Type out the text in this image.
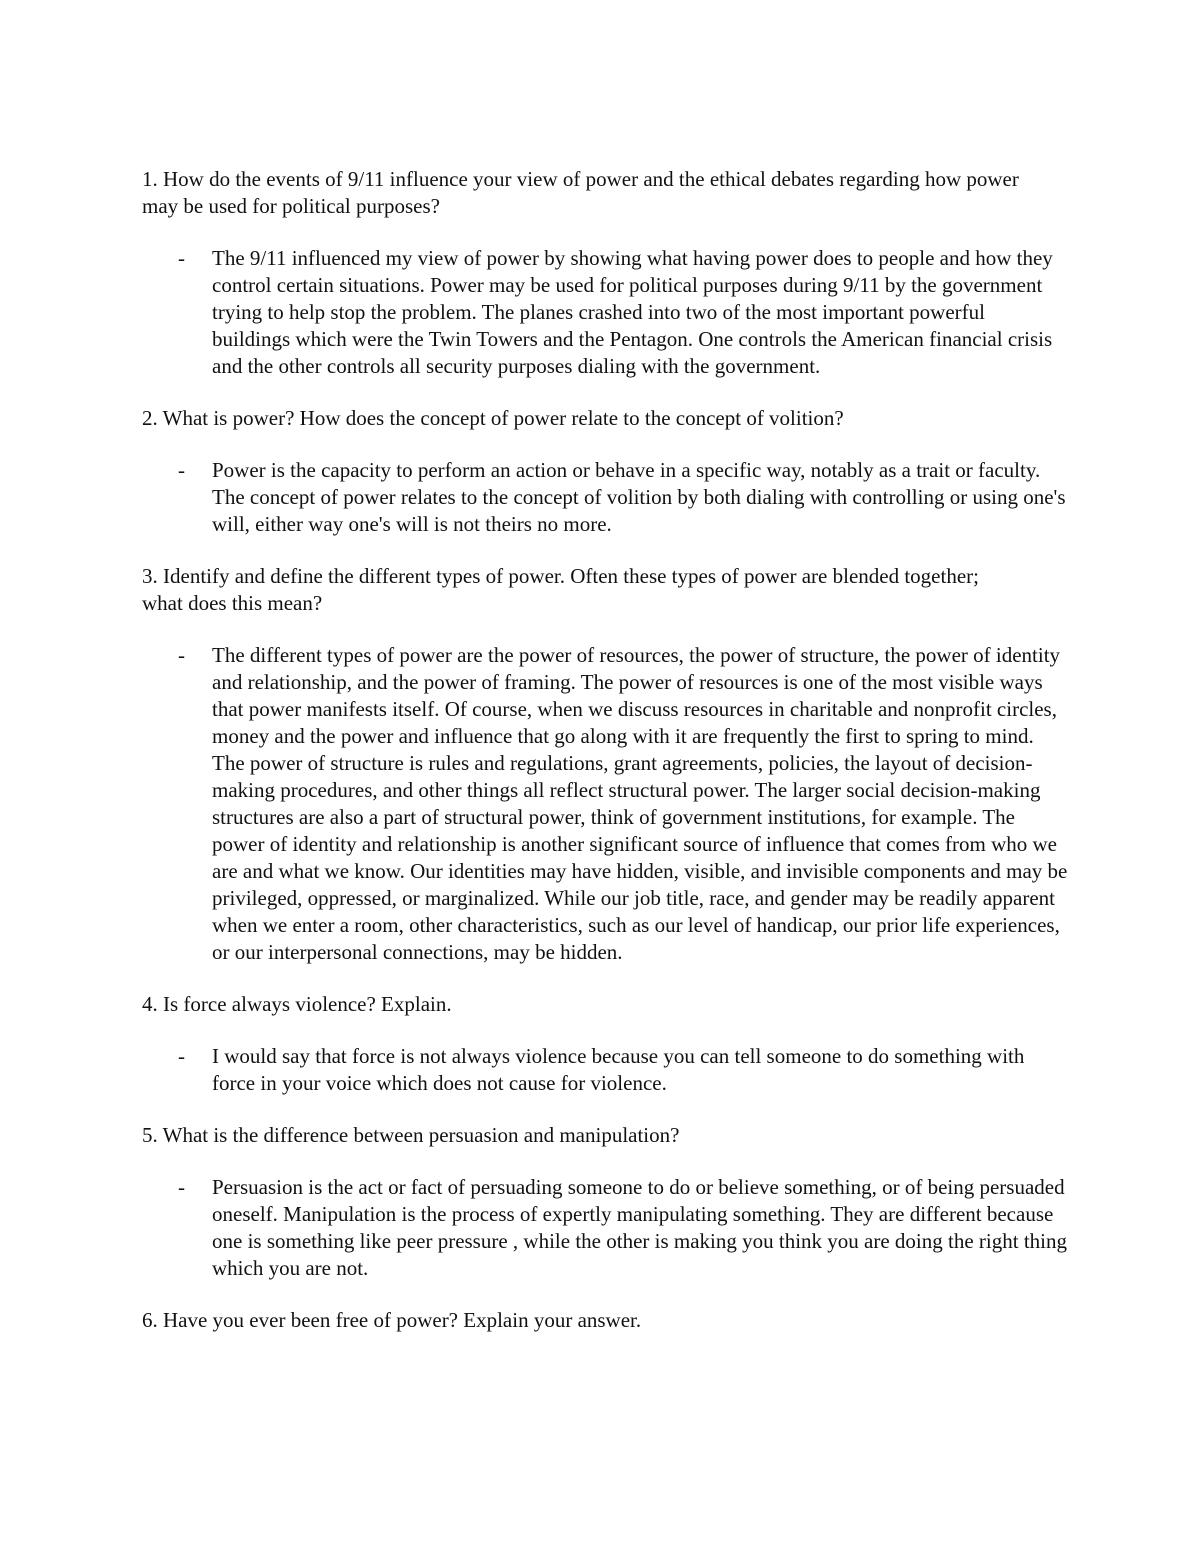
1. How do the events of 9/11 influence your view of power and the ethical debates regarding how power may be used for political purposes?

- The 9/11 influenced my view of power by showing what having power does to people and how they control certain situations. Power may be used for political purposes during 9/11 by the government trying to help stop the problem. The planes crashed into two of the most important powerful buildings which were the Twin Towers and the Pentagon. One controls the American financial crisis and the other controls all security purposes dialing with the government.

2. What is power? How does the concept of power relate to the concept of volition?

- Power is the capacity to perform an action or behave in a specific way, notably as a trait or faculty. The concept of power relates to the concept of volition by both dialing with controlling or using one's will, either way one's will is not theirs no more.

3. Identify and define the different types of power. Often these types of power are blended together; what does this mean?

- The different types of power are the power of resources, the power of structure, the power of identity and relationship, and the power of framing. The power of resources is one of the most visible ways that power manifests itself. Of course, when we discuss resources in charitable and nonprofit circles, money and the power and influence that go along with it are frequently the first to spring to mind. The power of structure is rules and regulations, grant agreements, policies, the layout of decision-making procedures, and other things all reflect structural power. The larger social decision-making structures are also a part of structural power, think of government institutions, for example. The power of identity and relationship is another significant source of influence that comes from who we are and what we know. Our identities may have hidden, visible, and invisible components and may be privileged, oppressed, or marginalized. While our job title, race, and gender may be readily apparent when we enter a room, other characteristics, such as our level of handicap, our prior life experiences, or our interpersonal connections, may be hidden.

4. Is force always violence? Explain.

- I would say that force is not always violence because you can tell someone to do something with force in your voice which does not cause for violence.

5. What is the difference between persuasion and manipulation?

- Persuasion is the act or fact of persuading someone to do or believe something, or of being persuaded oneself. Manipulation is the process of expertly manipulating something. They are different because one is something like peer pressure , while the other is making you think you are doing the right thing which you are not.

6. Have you ever been free of power? Explain your answer.
